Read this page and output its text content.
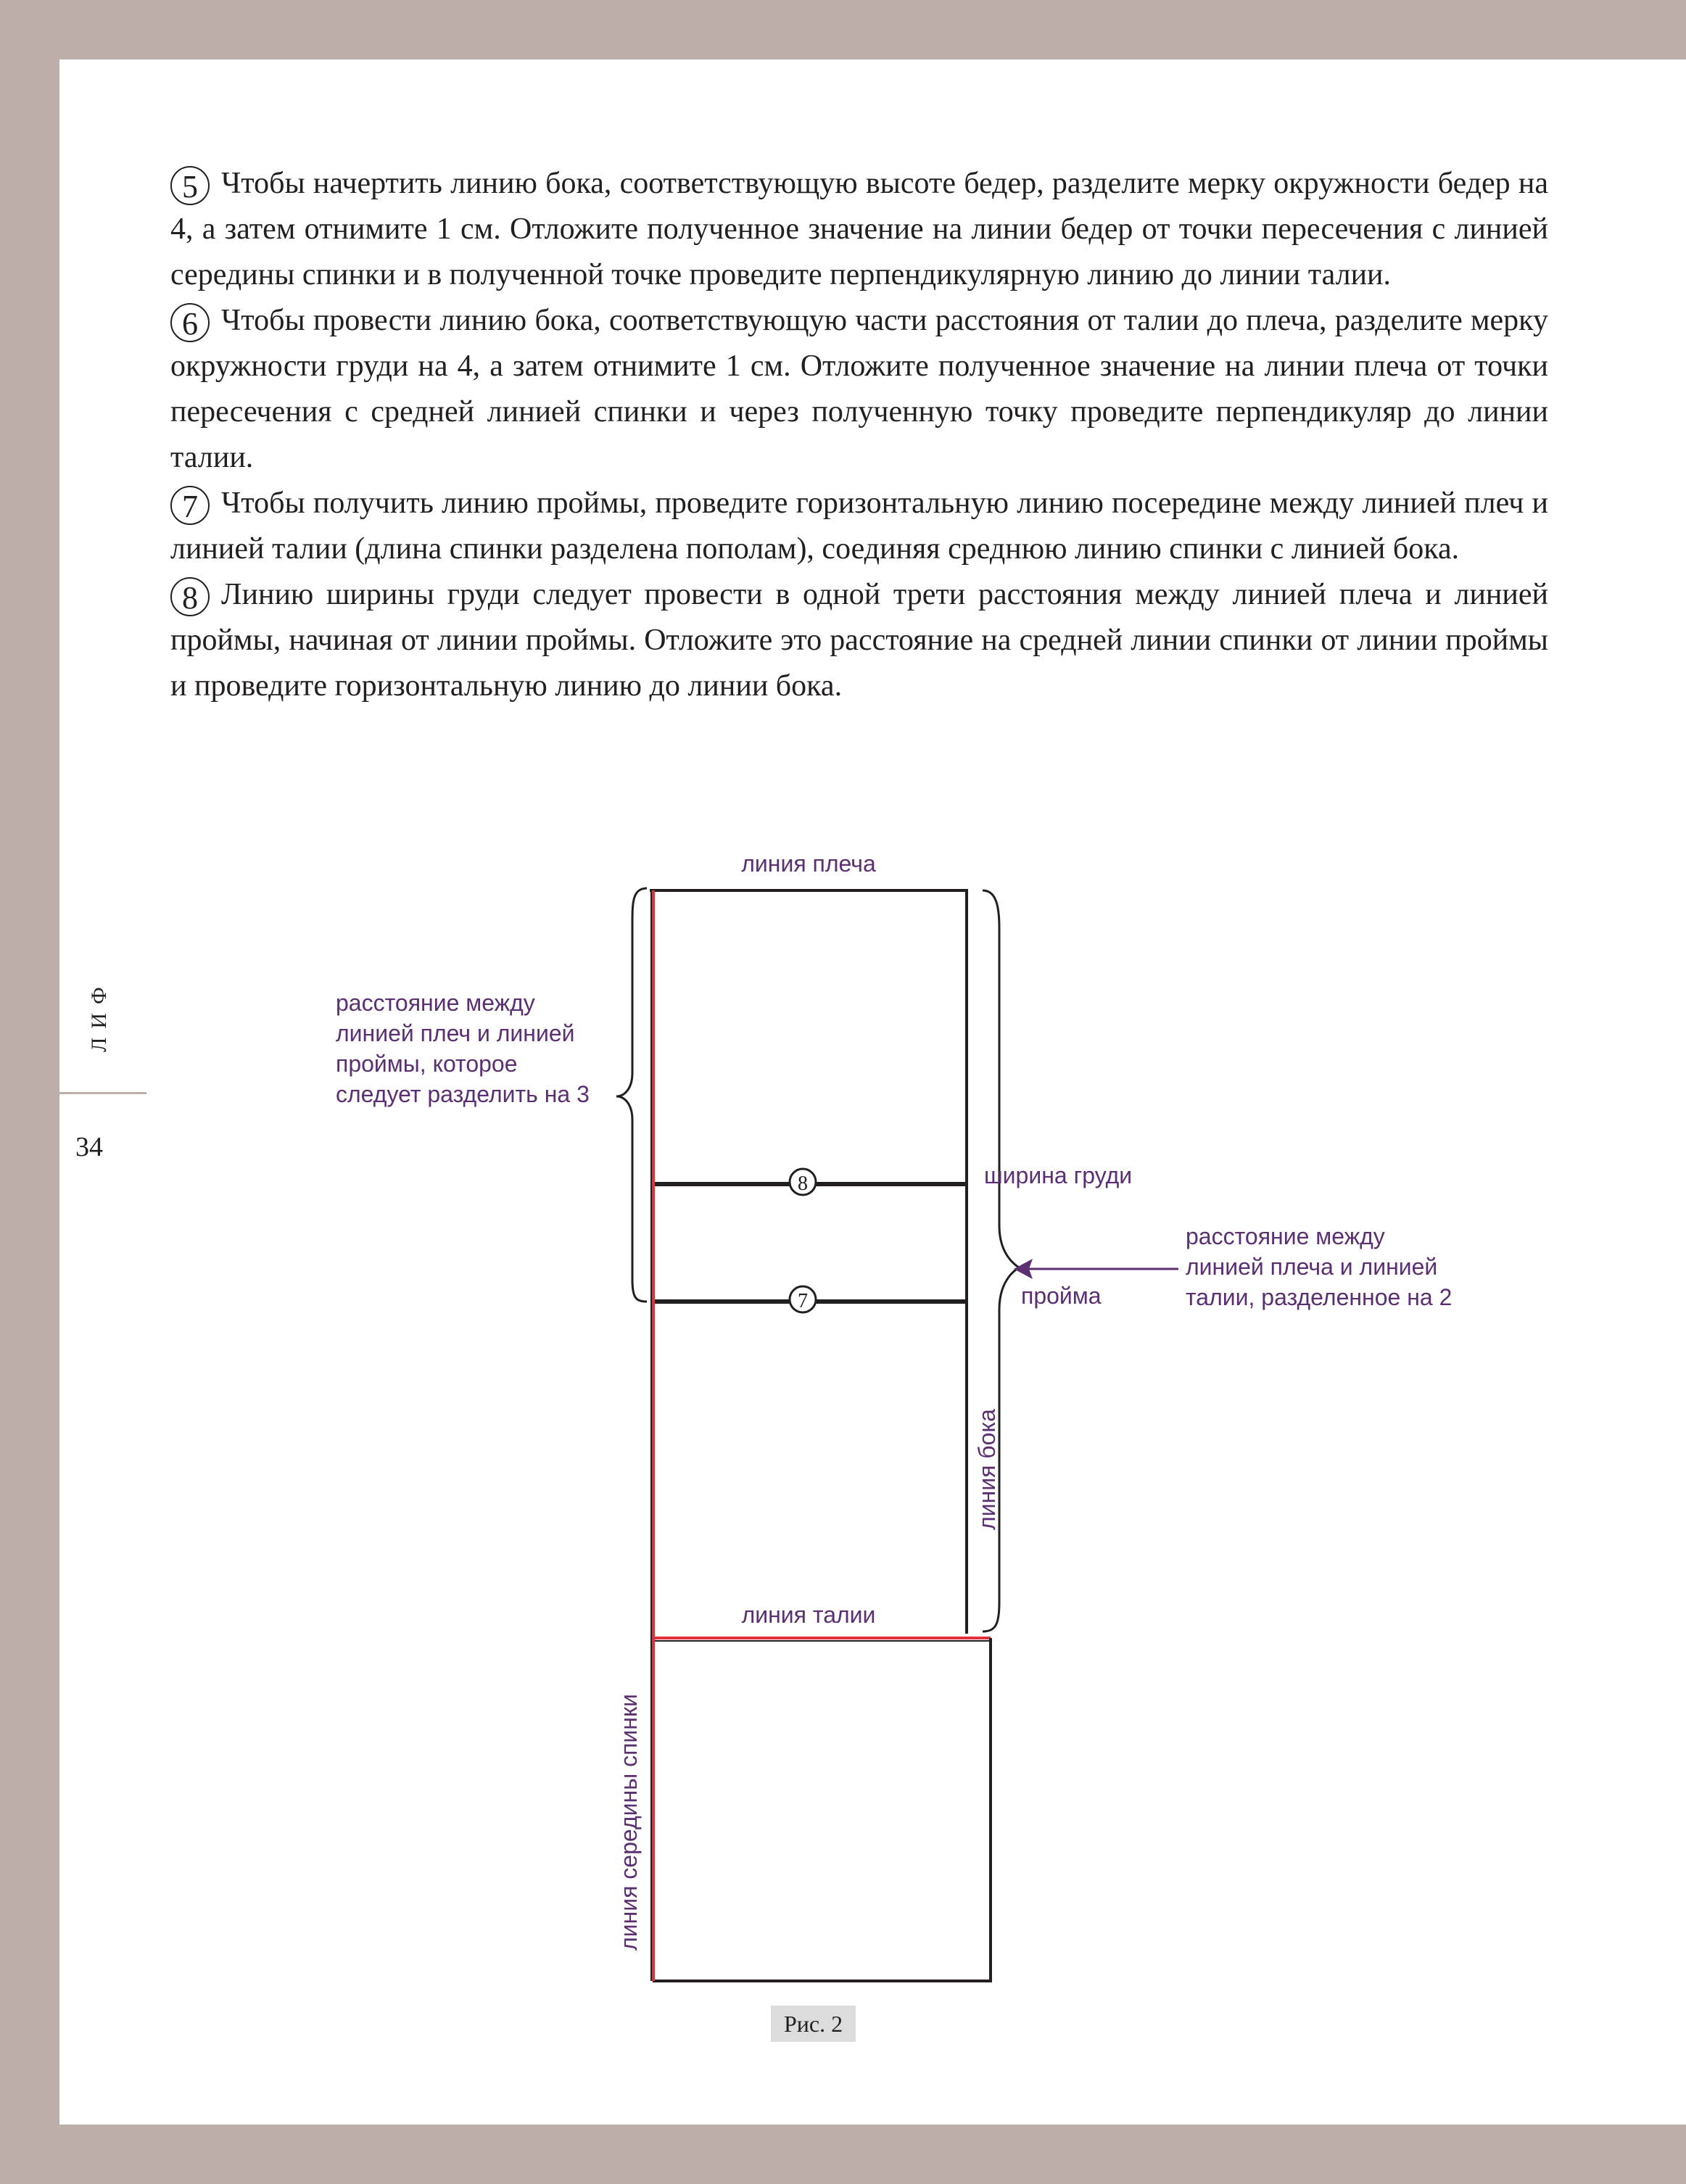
5 Чтобы начертить линию бока, соответствующую высоте бедер, разделите мерку окружности бедер на 4, а затем отнимите 1 см. Отложите полученное значение на линии бедер от точки пересечения с линией середины спинки и в полученной точке проведите перпендикулярную линию до линии талии.

6 Чтобы провести линию бока, соответствующую части расстояния от талии до плеча, разделите мерку окружности груди на 4, а затем отнимите 1 см. Отложите полученное значение на линии плеча от точки пересечения с средней линией спинки и через полученную точку проведите перпендикуляр до линии талии.

7 Чтобы получить линию проймы, проведите горизонтальную линию посередине между линией плеч и линией талии (длина спинки разделена пополам), соединяя среднюю линию спинки с линией бока.

8 Линию ширины груди следует провести в одной трети расстояния между линией плеча и линией проймы, начиная от линии проймы. Отложите это расстояние на средней линии спинки от линии проймы и проведите горизонтальную линию до линии бока.

ЛИФ
34
8
7
линия плеча
ширина груди
пройма
линия талии
линия бока
линия середины спинки
расстояние между
линией плеч и линией
проймы, которое
следует разделить на 3
расстояние между
линией плеча и линией
талии, разделенное на 2
Рис. 2
